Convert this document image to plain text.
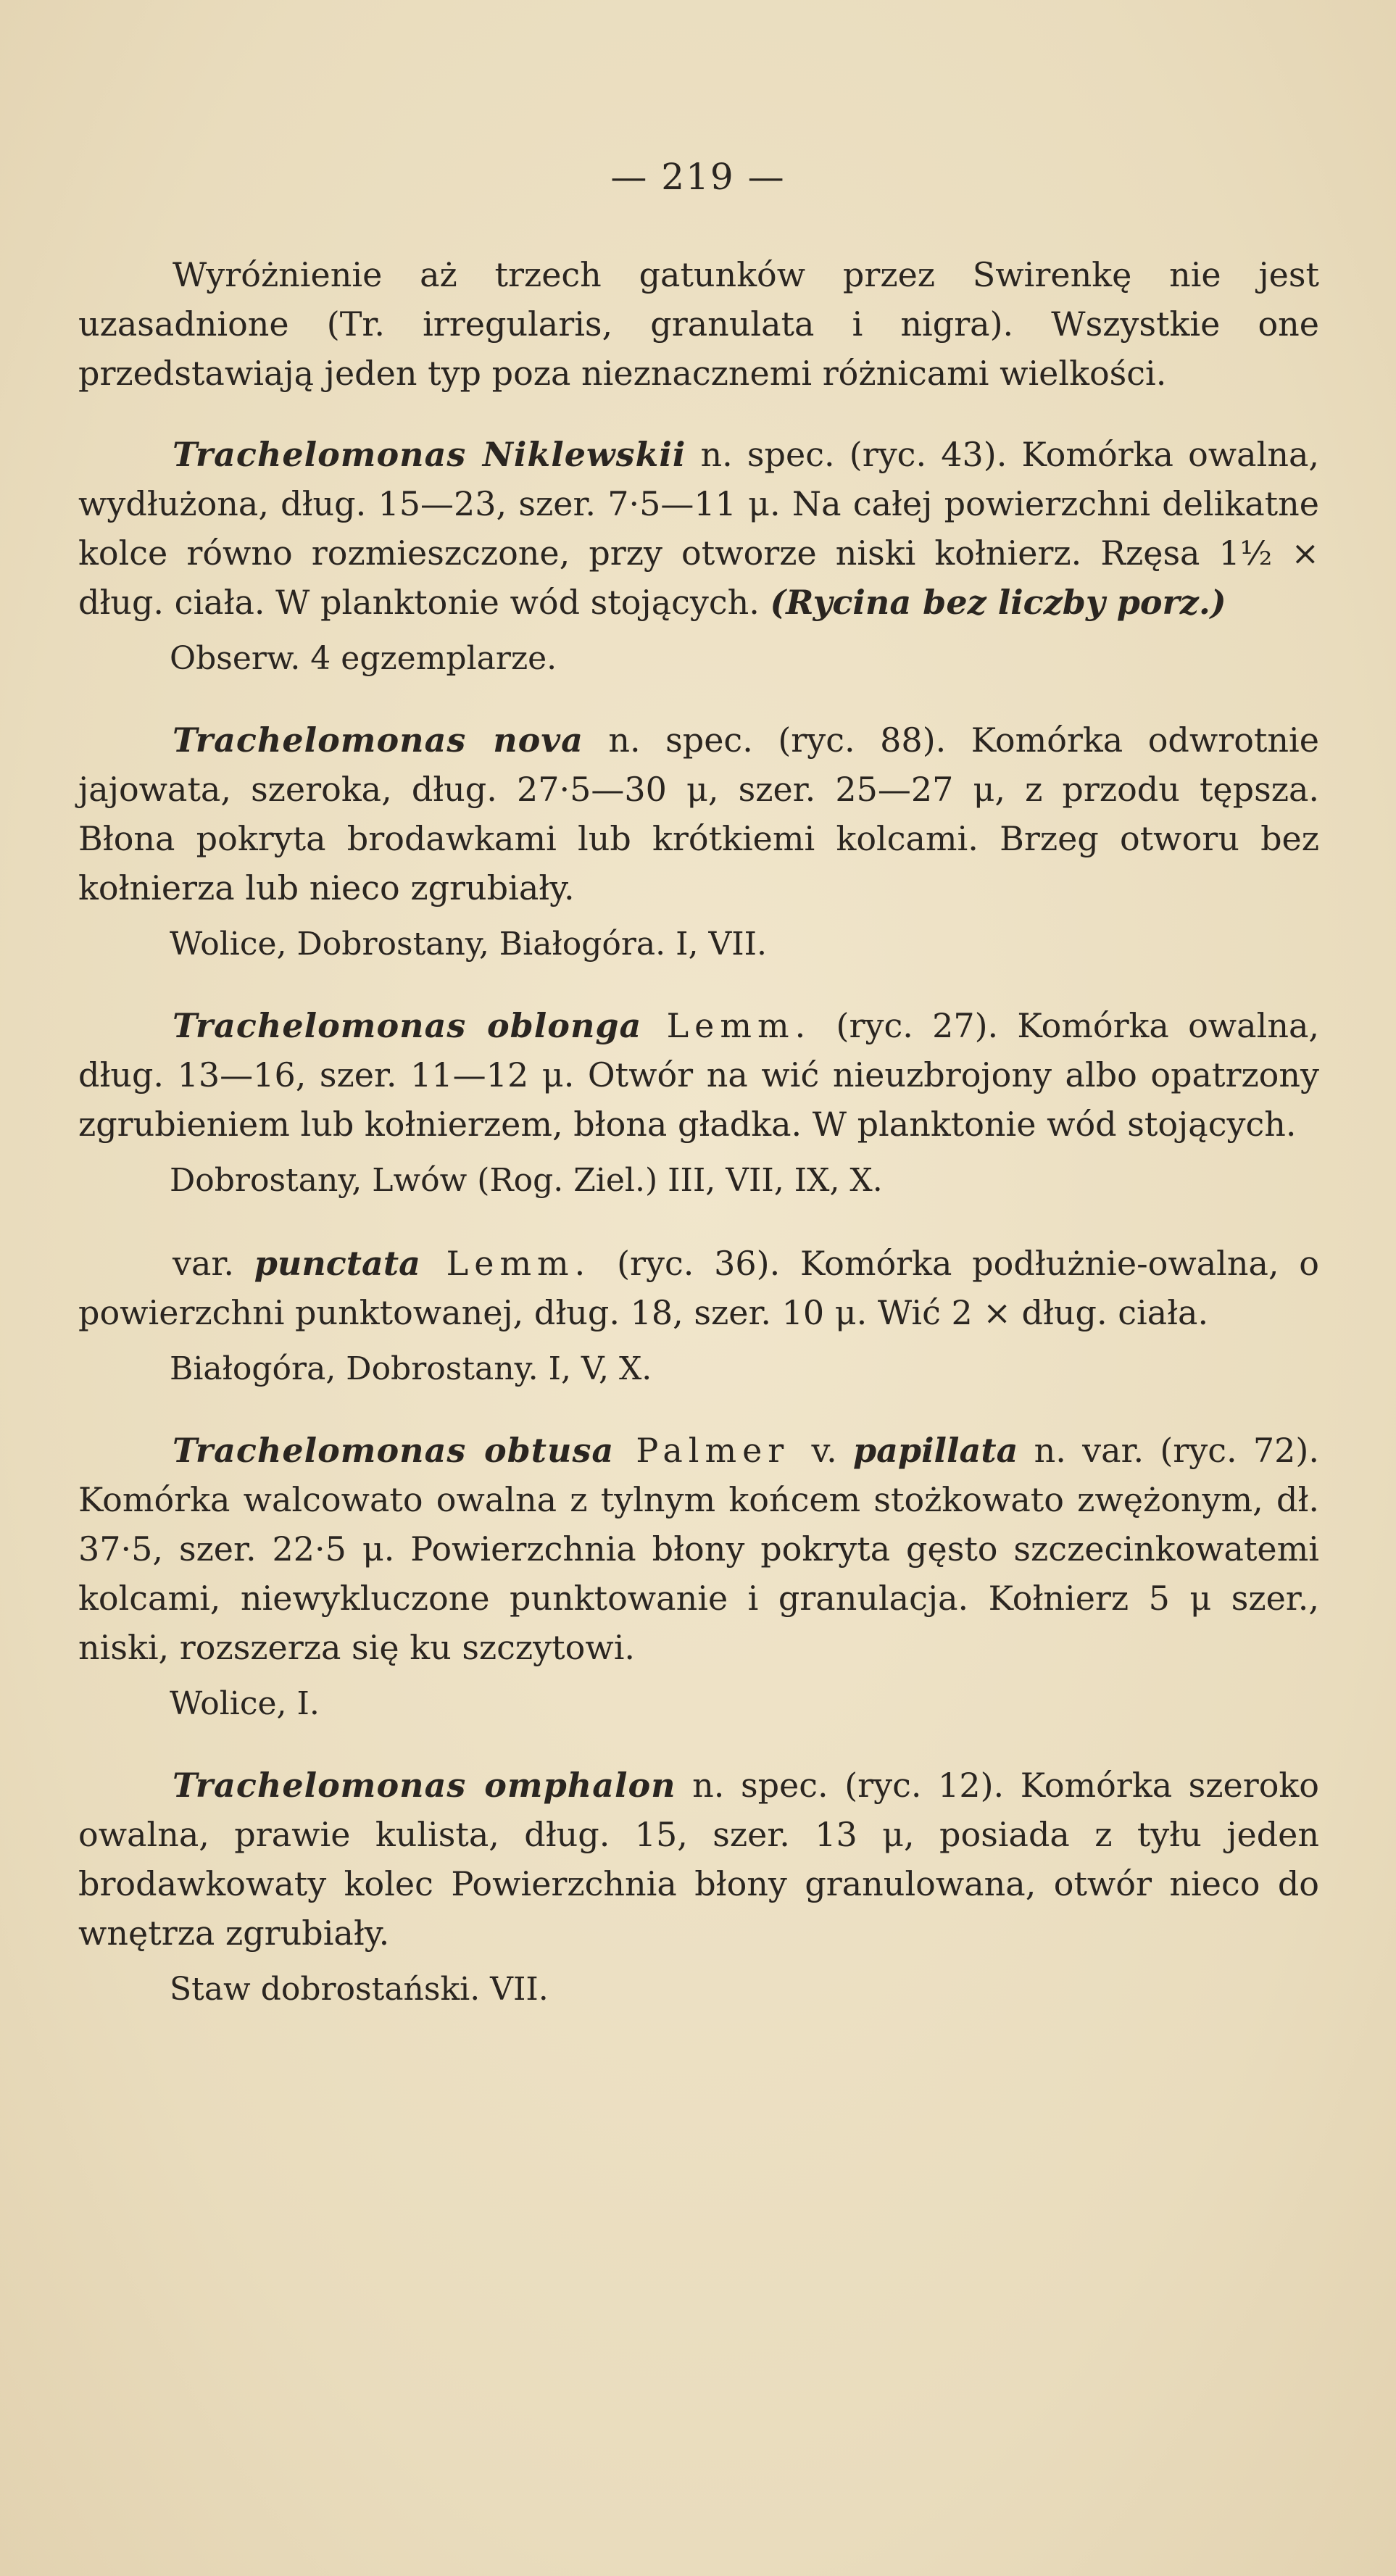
— 219 —

Wyróżnienie aż trzech gatunków przez Swirenkę nie jest uzasadnione (Tr. irregularis, granulata i nigra). Wszystkie one przedstawiają jeden typ poza nieznacznemi różnicami wielkości.

Trachelomonas Niklewskii n. spec. (ryc. 43). Komórka owalna, wydłużona, dług. 15—23, szer. 7·5—11 μ. Na całej powierzchni delikatne kolce równo rozmieszczone, przy otworze niski kołnierz. Rzęsa 1½ × dług. ciała. W planktonie wód stojących. (Rycina bez liczby porz.)

Obserw. 4 egzemplarze.

Trachelomonas nova n. spec. (ryc. 88). Komórka odwrotnie jajowata, szeroka, dług. 27·5—30 μ, szer. 25—27 μ, z przodu tępsza. Błona pokryta brodawkami lub krótkiemi kolcami. Brzeg otworu bez kołnierza lub nieco zgrubiały.

Wolice, Dobrostany, Białogóra. I, VII.

Trachelomonas oblonga Lemm. (ryc. 27). Komórka owalna, dług. 13—16, szer. 11—12 μ. Otwór na wić nieuzbrojony albo opatrzony zgrubieniem lub kołnierzem, błona gładka. W planktonie wód stojących.

Dobrostany, Lwów (Rog. Ziel.) III, VII, IX, X.

var. punctata Lemm. (ryc. 36). Komórka podłużnie-owalna, o powierzchni punktowanej, dług. 18, szer. 10 μ. Wić 2 × dług. ciała.

Białogóra, Dobrostany. I, V, X.

Trachelomonas obtusa Palmer v. papillata n. var. (ryc. 72). Komórka walcowato owalna z tylnym końcem stożkowato zwężonym, dł. 37·5, szer. 22·5 μ. Powierzchnia błony pokryta gęsto szczecinkowatemi kolcami, niewykluczone punktowanie i granulacja. Kołnierz 5 μ szer., niski, rozszerza się ku szczytowi.

Wolice, I.

Trachelomonas omphalon n. spec. (ryc. 12). Komórka szeroko owalna, prawie kulista, dług. 15, szer. 13 μ, posiada z tyłu jeden brodawkowaty kolec Powierzchnia błony granulowana, otwór nieco do wnętrza zgrubiały.

Staw dobrostański. VII.
